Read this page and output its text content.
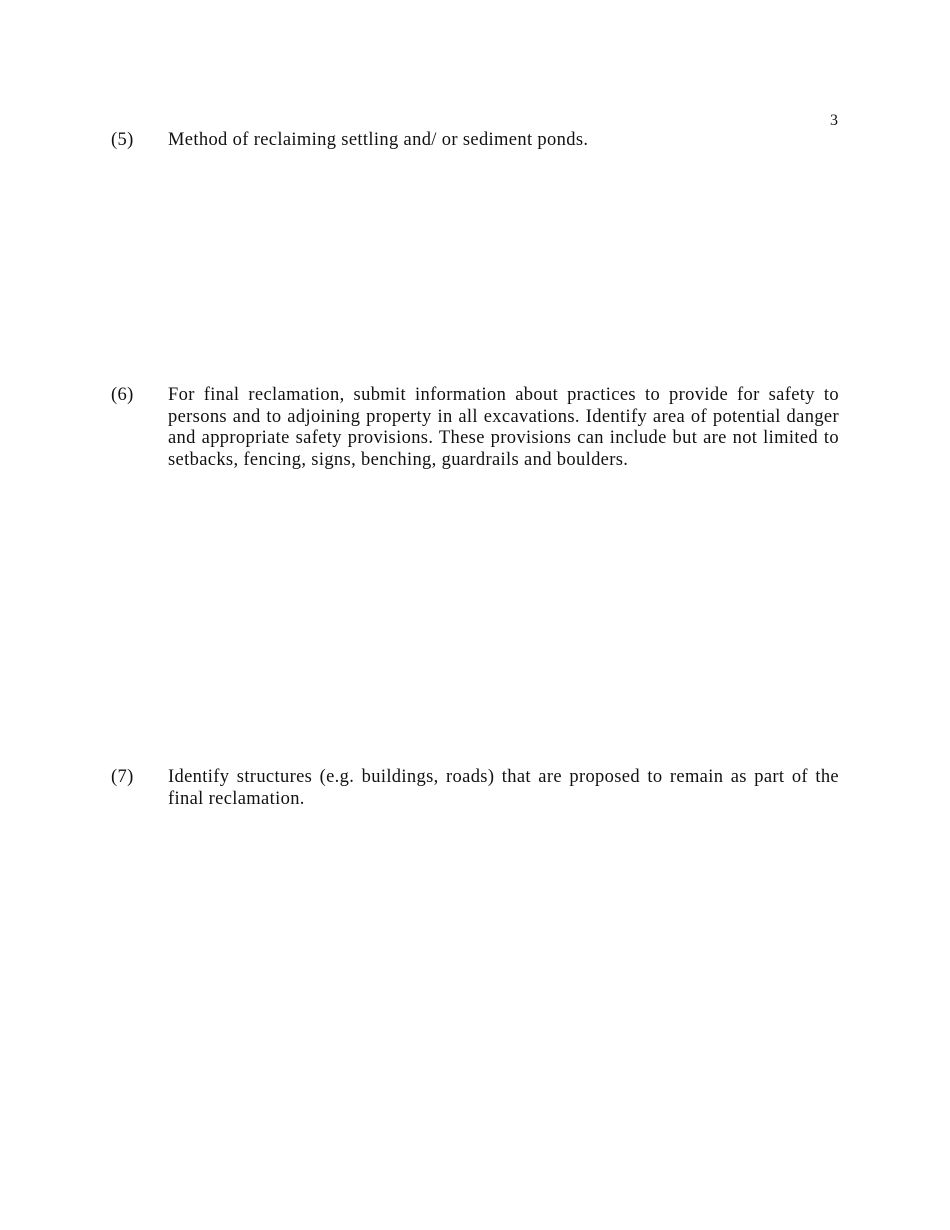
3
(5) Method of reclaiming settling and/ or sediment ponds.
(6) For final reclamation, submit information about practices to provide for safety to persons and to adjoining property in all excavations. Identify area of potential danger and appropriate safety provisions. These provisions can include but are not limited to setbacks, fencing, signs, benching, guardrails and boulders.
(7) Identify structures (e.g. buildings, roads) that are proposed to remain as part of the final reclamation.
